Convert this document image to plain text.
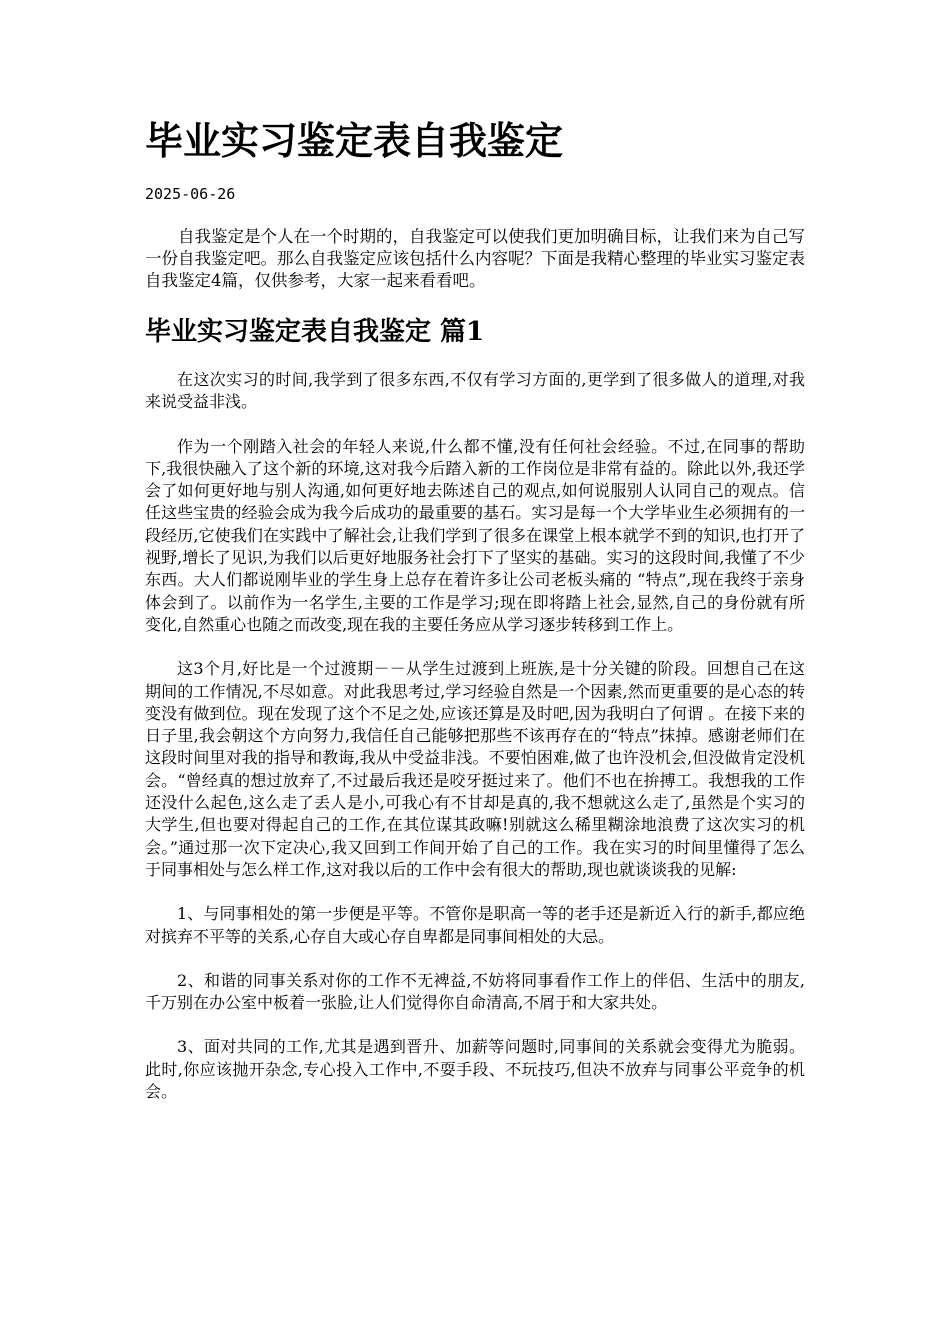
毕业实习鉴定表自我鉴定
2025-06-26

自我鉴定是个人在一个时期的，自我鉴定可以使我们更加明确目标，让我们来为自己写一份自我鉴定吧。那么自我鉴定应该包括什么内容呢？下面是我精心整理的毕业实习鉴定表自我鉴定4篇，仅供参考，大家一起来看看吧。

毕业实习鉴定表自我鉴定 篇1

在这次实习的时间,我学到了很多东西,不仅有学习方面的,更学到了很多做人的道理,对我来说受益非浅。

作为一个刚踏入社会的年轻人来说,什么都不懂,没有任何社会经验。不过,在同事的帮助下,我很快融入了这个新的环境,这对我今后踏入新的工作岗位是非常有益的。除此以外,我还学会了如何更好地与别人沟通,如何更好地去陈述自己的观点,如何说服别人认同自己的观点。信任这些宝贵的经验会成为我今后成功的最重要的基石。实习是每一个大学毕业生必须拥有的一段经历,它使我们在实践中了解社会,让我们学到了很多在课堂上根本就学不到的知识,也打开了视野,增长了见识,为我们以后更好地服务社会打下了坚实的基础。实习的这段时间,我懂了不少东西。大人们都说刚毕业的学生身上总存在着许多让公司老板头痛的 “特点”,现在我终于亲身体会到了。以前作为一名学生,主要的工作是学习;现在即将踏上社会,显然,自己的身份就有所变化,自然重心也随之而改变,现在我的主要任务应从学习逐步转移到工作上。

这3个月,好比是一个过渡期－－从学生过渡到上班族,是十分关键的阶段。回想自己在这期间的工作情况,不尽如意。对此我思考过,学习经验自然是一个因素,然而更重要的是心态的转变没有做到位。现在发现了这个不足之处,应该还算是及时吧,因为我明白了何谓 。在接下来的日子里,我会朝这个方向努力,我信任自己能够把那些不该再存在的“特点”抹掉。感谢老师们在这段时间里对我的指导和教诲,我从中受益非浅。不要怕困难,做了也许没机会,但没做肯定没机会。“曾经真的想过放弃了,不过最后我还是咬牙挺过来了。他们不也在拚搏工。我想我的工作还没什么起色,这么走了丢人是小,可我心有不甘却是真的,我不想就这么走了,虽然是个实习的大学生,但也要对得起自己的工作,在其位谋其政嘛!别就这么稀里糊涂地浪费了这次实习的机会。”通过那一次下定决心,我又回到工作间开始了自己的工作。我在实习的时间里懂得了怎么于同事相处与怎么样工作,这对我以后的工作中会有很大的帮助,现也就谈谈我的见解:

1、与同事相处的第一步便是平等。不管你是职高一等的老手还是新近入行的新手,都应绝对摈弃不平等的关系,心存自大或心存自卑都是同事间相处的大忌。

2、和谐的同事关系对你的工作不无裨益,不妨将同事看作工作上的伴侣、生活中的朋友,千万别在办公室中板着一张脸,让人们觉得你自命清高,不屑于和大家共处。

3、面对共同的工作,尤其是遇到晋升、加薪等问题时,同事间的关系就会变得尤为脆弱。此时,你应该抛开杂念,专心投入工作中,不耍手段、不玩技巧,但决不放弃与同事公平竞争的机会。
